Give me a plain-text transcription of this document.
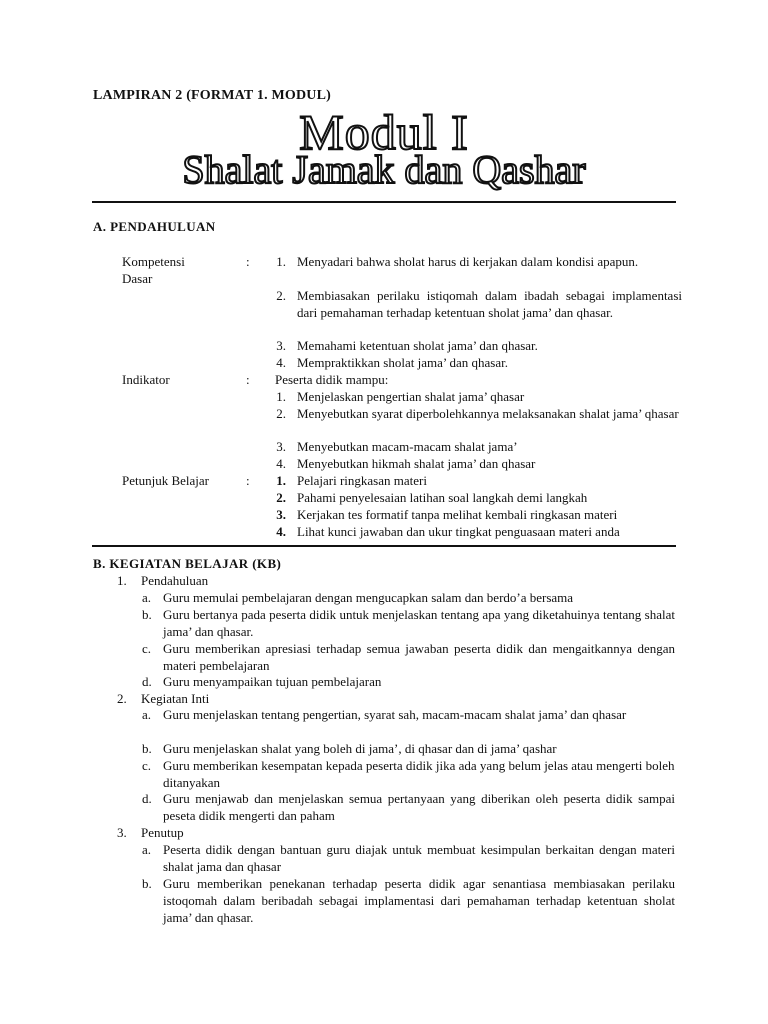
LAMPIRAN 2 (FORMAT 1. MODUL)
Modul I
Shalat Jamak dan Qashar
A. PENDAHULUAN
Kompetensi
Dasar
:	1. Menyadari bahwa sholat harus di kerjakan dalam kondisi apapun.
2. Membiasakan perilaku istiqomah dalam ibadah sebagai implamentasi dari pemahaman terhadap ketentuan sholat jama’ dan qhasar.
3. Memahami ketentuan sholat jama’ dan qhasar.
4. Mempraktikkan sholat jama’ dan qhasar.
Indikator	: Peserta didik mampu:
1. Menjelaskan pengertian shalat jama’ qhasar
2. Menyebutkan syarat diperbolehkannya melaksanakan shalat jama’ qhasar
3. Menyebutkan macam-macam shalat jama’
4. Menyebutkan hikmah shalat jama’ dan qhasar
Petunjuk Belajar	:	1. Pelajari ringkasan materi
2. Pahami penyelesaian latihan soal langkah demi langkah
3. Kerjakan tes formatif tanpa melihat kembali ringkasan materi
4. Lihat kunci jawaban dan ukur tingkat penguasaan materi anda
B. KEGIATAN BELAJAR (KB)
1. Pendahuluan
a. Guru memulai pembelajaran dengan mengucapkan salam dan berdo’a bersama
b. Guru bertanya pada peserta didik untuk menjelaskan tentang apa yang diketahuinya tentang shalat jama’ dan qhasar.
c. Guru memberikan apresiasi terhadap semua jawaban peserta didik dan mengaitkannya dengan materi pembelajaran
d. Guru menyampaikan tujuan pembelajaran
2. Kegiatan Inti
a. Guru menjelaskan tentang pengertian, syarat sah, macam-macam shalat jama’ dan qhasar
b. Guru menjelaskan shalat yang boleh di jama’, di qhasar dan di jama’ qashar
c. Guru memberikan kesempatan kepada peserta didik jika ada yang belum jelas atau mengerti boleh ditanyakan
d. Guru menjawab dan menjelaskan semua pertanyaan yang diberikan oleh peserta didik sampai peseta didik mengerti dan paham
3. Penutup
a. Peserta didik dengan bantuan guru diajak untuk membuat kesimpulan berkaitan dengan materi shalat jama dan qhasar
b. Guru memberikan penekanan terhadap peserta didik agar senantiasa membiasakan perilaku istoqomah dalam beribadah sebagai implamentasi dari pemahaman terhadap ketentuan sholat jama’ dan qhasar.
